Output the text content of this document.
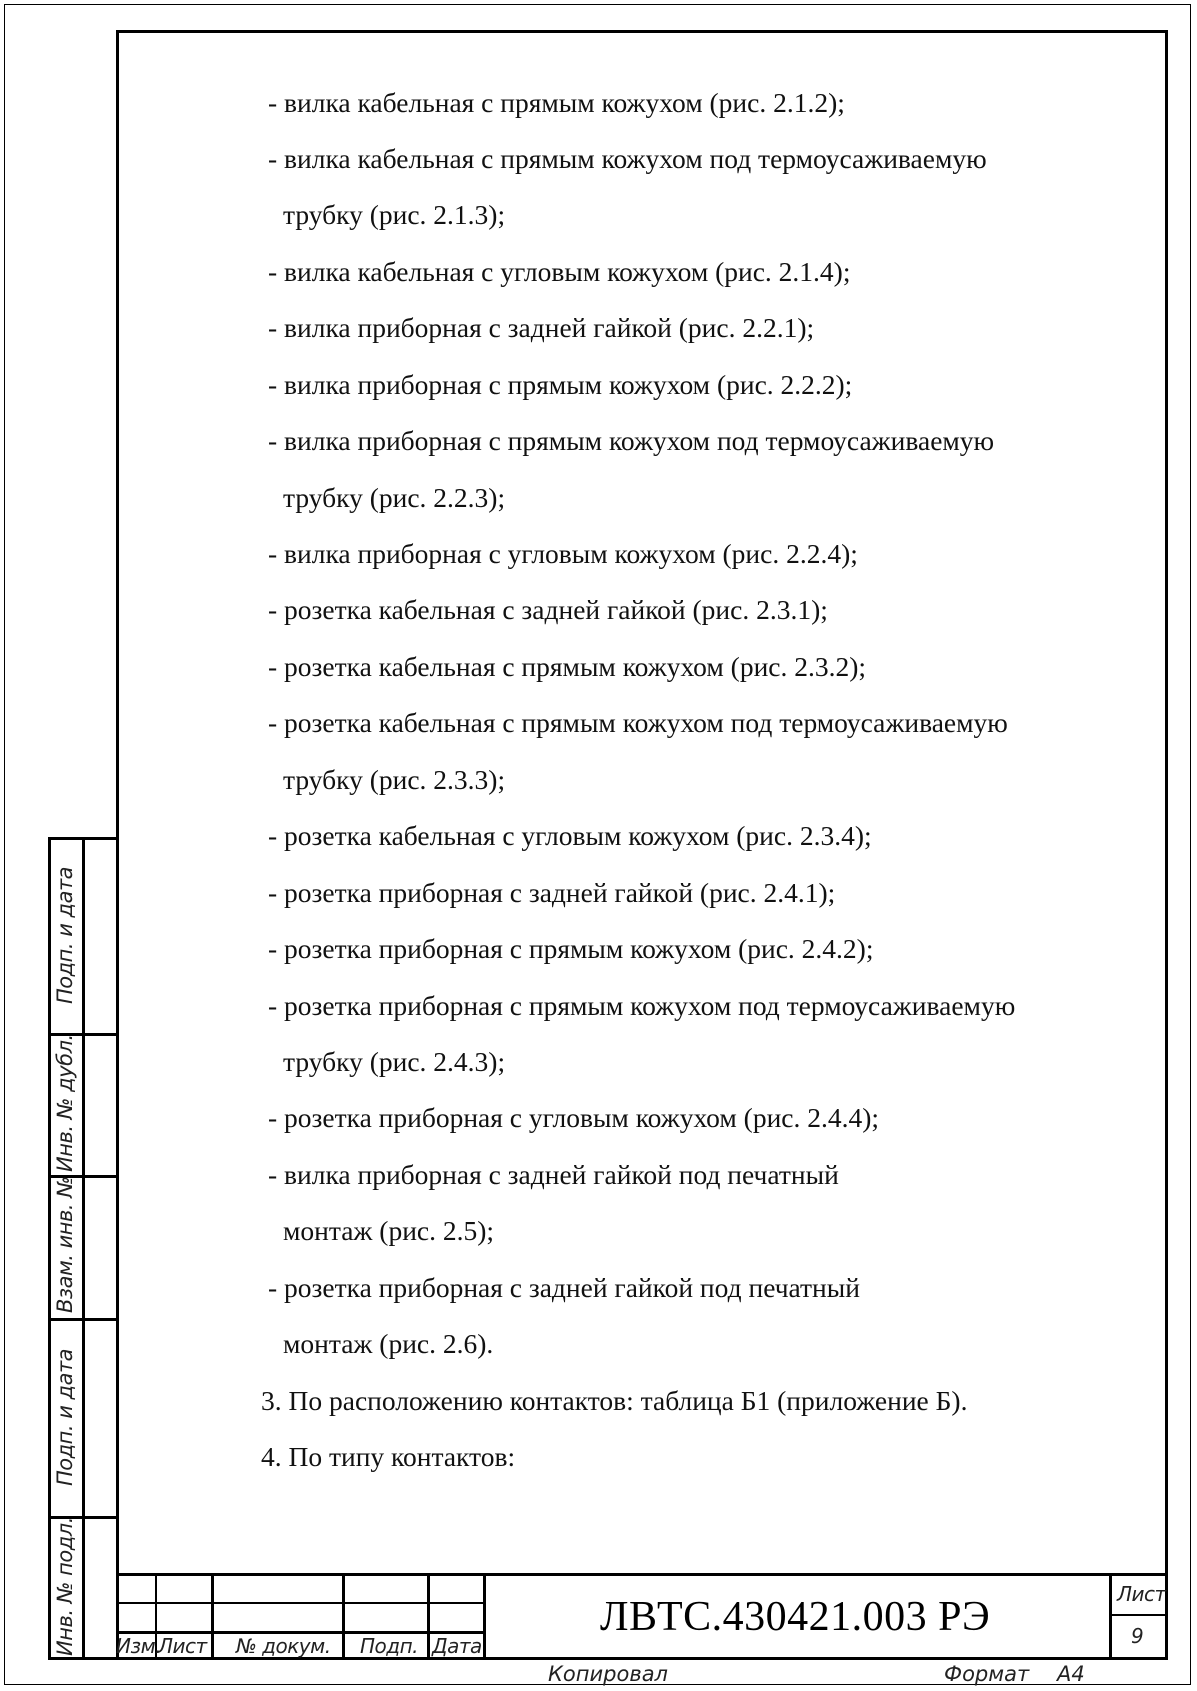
Подп. и дата
Инв. № дубл.
Взам. инв. №
Подп. и дата
Инв. № подл.
- вилка кабельная с прямым кожухом (рис. 2.1.2);
- вилка кабельная с прямым кожухом под термоусаживаемую
трубку (рис. 2.1.3);
- вилка кабельная с угловым кожухом (рис. 2.1.4);
- вилка приборная с задней гайкой (рис. 2.2.1);
- вилка приборная с прямым кожухом (рис. 2.2.2);
- вилка приборная с прямым кожухом под термоусаживаемую
трубку (рис. 2.2.3);
- вилка приборная с угловым кожухом (рис. 2.2.4);
- розетка кабельная с задней гайкой (рис. 2.3.1);
- розетка кабельная с прямым кожухом (рис. 2.3.2);
- розетка кабельная с прямым кожухом под термоусаживаемую
трубку (рис. 2.3.3);
- розетка кабельная с угловым кожухом (рис. 2.3.4);
- розетка приборная с задней гайкой (рис. 2.4.1);
- розетка приборная с прямым кожухом (рис. 2.4.2);
- розетка приборная с прямым кожухом под термоусаживаемую
трубку (рис. 2.4.3);
- розетка приборная с угловым кожухом (рис. 2.4.4);
- вилка приборная с задней гайкой под печатный
монтаж (рис. 2.5);
- розетка приборная с задней гайкой под печатный
монтаж (рис. 2.6).
3. По расположению контактов: таблица Б1 (приложение Б).
4. По типу контактов:
Изм.
Лист № докум. Подп. Дата
ЛВТС.430421.003 РЭ	Лист
9
Копировал	Формат А4
